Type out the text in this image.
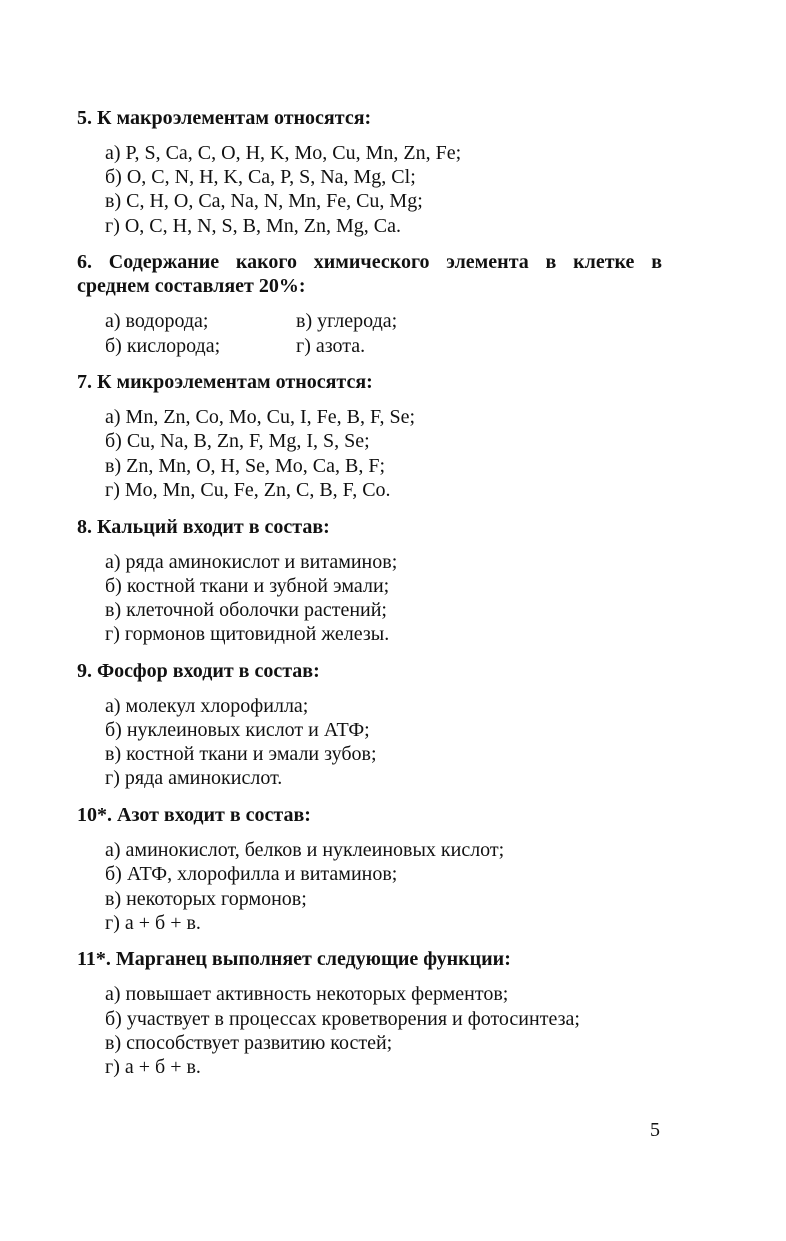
5. К макроэлементам относятся:
а) P, S, Ca, C, O, H, K, Mo, Cu, Mn, Zn, Fe;
б) O, C, N, H, K, Ca, P, S, Na, Mg, Cl;
в) C, H, O, Ca, Na, N, Mn, Fe, Cu, Mg;
г) O, C, H, N, S, B, Mn, Zn, Mg, Ca.
6. Содержание какого химического элемента в клетке в
среднем составляет 20%:
а) водорода;	в) углерода;
б) кислорода;	г) азота.
7. К микроэлементам относятся:
а) Mn, Zn, Co, Mo, Cu, I, Fe, B, F, Se;
б) Cu, Na, B, Zn, F, Mg, I, S, Se;
в) Zn, Mn, O, H, Se, Mo, Ca, B, F;
г) Mo, Mn, Cu, Fe, Zn, C, B, F, Co.
8. Кальций входит в состав:
а) ряда аминокислот и витаминов;
б) костной ткани и зубной эмали;
в) клеточной оболочки растений;
г) гормонов щитовидной железы.
9. Фосфор входит в состав:
а) молекул хлорофилла;
б) нуклеиновых кислот и АТФ;
в) костной ткани и эмали зубов;
г) ряда аминокислот.
10*. Азот входит в состав:
а) аминокислот, белков и нуклеиновых кислот;
б) АТФ, хлорофилла и витаминов;
в) некоторых гормонов;
г) а + б + в.
11*. Марганец выполняет следующие функции:
а) повышает активность некоторых ферментов;
б) участвует в процессах кроветворения и фотосинтеза;
в) способствует развитию костей;
г) а + б + в.
5
